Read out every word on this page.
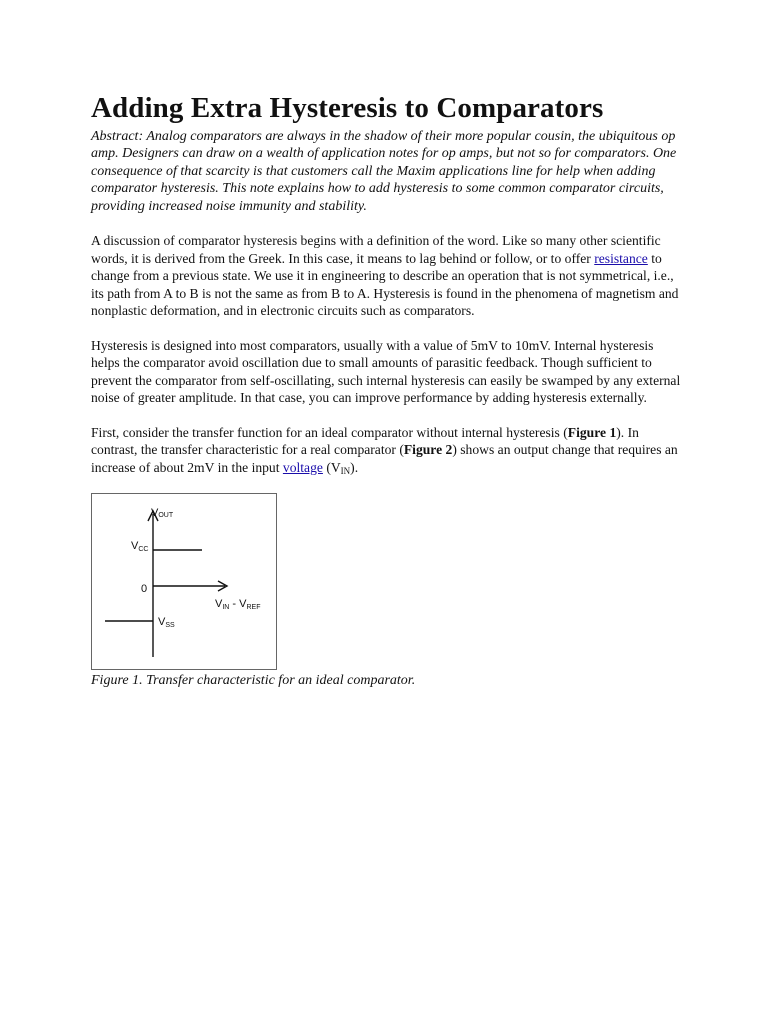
Adding Extra Hysteresis to Comparators

Abstract: Analog comparators are always in the shadow of their more popular cousin, the ubiquitous op amp. Designers can draw on a wealth of application notes for op amps, but not so for comparators. One consequence of that scarcity is that customers call the Maxim applications line for help when adding comparator hysteresis. This note explains how to add hysteresis to some common comparator circuits, providing increased noise immunity and stability.

A discussion of comparator hysteresis begins with a definition of the word. Like so many other scientific words, it is derived from the Greek. In this case, it means to lag behind or follow, or to offer resistance to change from a previous state. We use it in engineering to describe an operation that is not symmetrical, i.e., its path from A to B is not the same as from B to A. Hysteresis is found in the phenomena of magnetism and nonplastic deformation, and in electronic circuits such as comparators.

Hysteresis is designed into most comparators, usually with a value of 5mV to 10mV. Internal hysteresis helps the comparator avoid oscillation due to small amounts of parasitic feedback. Though sufficient to prevent the comparator from self-oscillating, such internal hysteresis can easily be swamped by any external noise of greater amplitude. In that case, you can improve performance by adding hysteresis externally.

First, consider the transfer function for an ideal comparator without internal hysteresis (Figure 1). In contrast, the transfer characteristic for a real comparator (Figure 2) shows an output change that requires an increase of about 2mV in the input voltage $(V_{IN})$.

VOUT
VCC
0
VIN - VREF
VSS

Figure 1. Transfer characteristic for an ideal comparator.
